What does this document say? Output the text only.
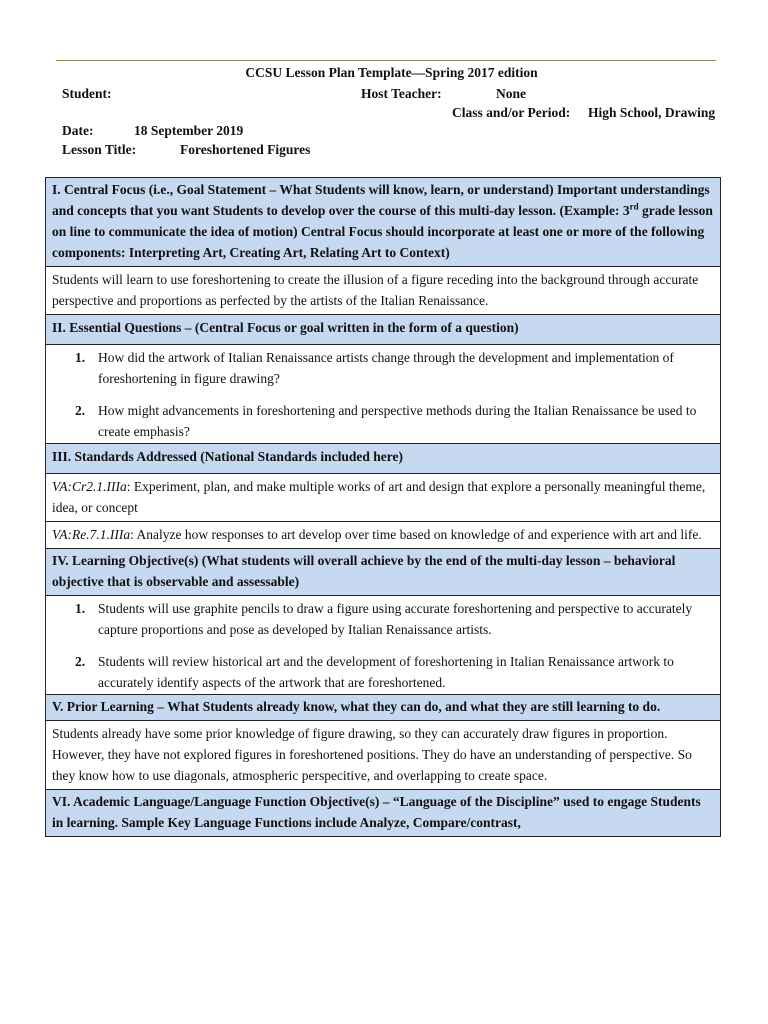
CCSU Lesson Plan Template—Spring 2017 edition
Student:	Host Teacher:	None
Class and/or Period: High School, Drawing
Date:	18 September 2019
Lesson Title:	Foreshortened Figures
I. Central Focus (i.e., Goal Statement – What Students will know, learn, or understand) Important understandings and concepts that you want Students to develop over the course of this multi-day lesson. (Example: 3rd grade lesson on line to communicate the idea of motion) Central Focus should incorporate at least one or more of the following components: Interpreting Art, Creating Art, Relating Art to Context)
Students will learn to use foreshortening to create the illusion of a figure receding into the background through accurate perspective and proportions as perfected by the artists of the Italian Renaissance.
II. Essential Questions – (Central Focus or goal written in the form of a question)

1. How did the artwork of Italian Renaissance artists change through the development and implementation of foreshortening in figure drawing?
2. How might advancements in foreshortening and perspective methods during the Italian Renaissance be used to create emphasis?

III. Standards Addressed (National Standards included here)
VA:Cr2.1.IIIa: Experiment, plan, and make multiple works of art and design that explore a personally meaningful theme, idea, or concept
VA:Re.7.1.IIIa: Analyze how responses to art develop over time based on knowledge of and experience with art and life.
IV. Learning Objective(s) (What students will overall achieve by the end of the multi-day lesson – behavioral objective that is observable and assessable)

1. Students will use graphite pencils to draw a figure using accurate foreshortening and perspective to accurately capture proportions and pose as developed by Italian Renaissance artists.
2. Students will review historical art and the development of foreshortening in Italian Renaissance artwork to accurately identify aspects of the artwork that are foreshortened.

V. Prior Learning – What Students already know, what they can do, and what they are still learning to do.
Students already have some prior knowledge of figure drawing, so they can accurately draw figures in proportion. However, they have not explored figures in foreshortened positions. They do have an understanding of perspective. So they know how to use diagonals, atmospheric perspecitive, and overlapping to create space.
VI. Academic Language/Language Function Objective(s) – “Language of the Discipline” used to engage Students in learning. Sample Key Language Functions include Analyze, Compare/contrast,
